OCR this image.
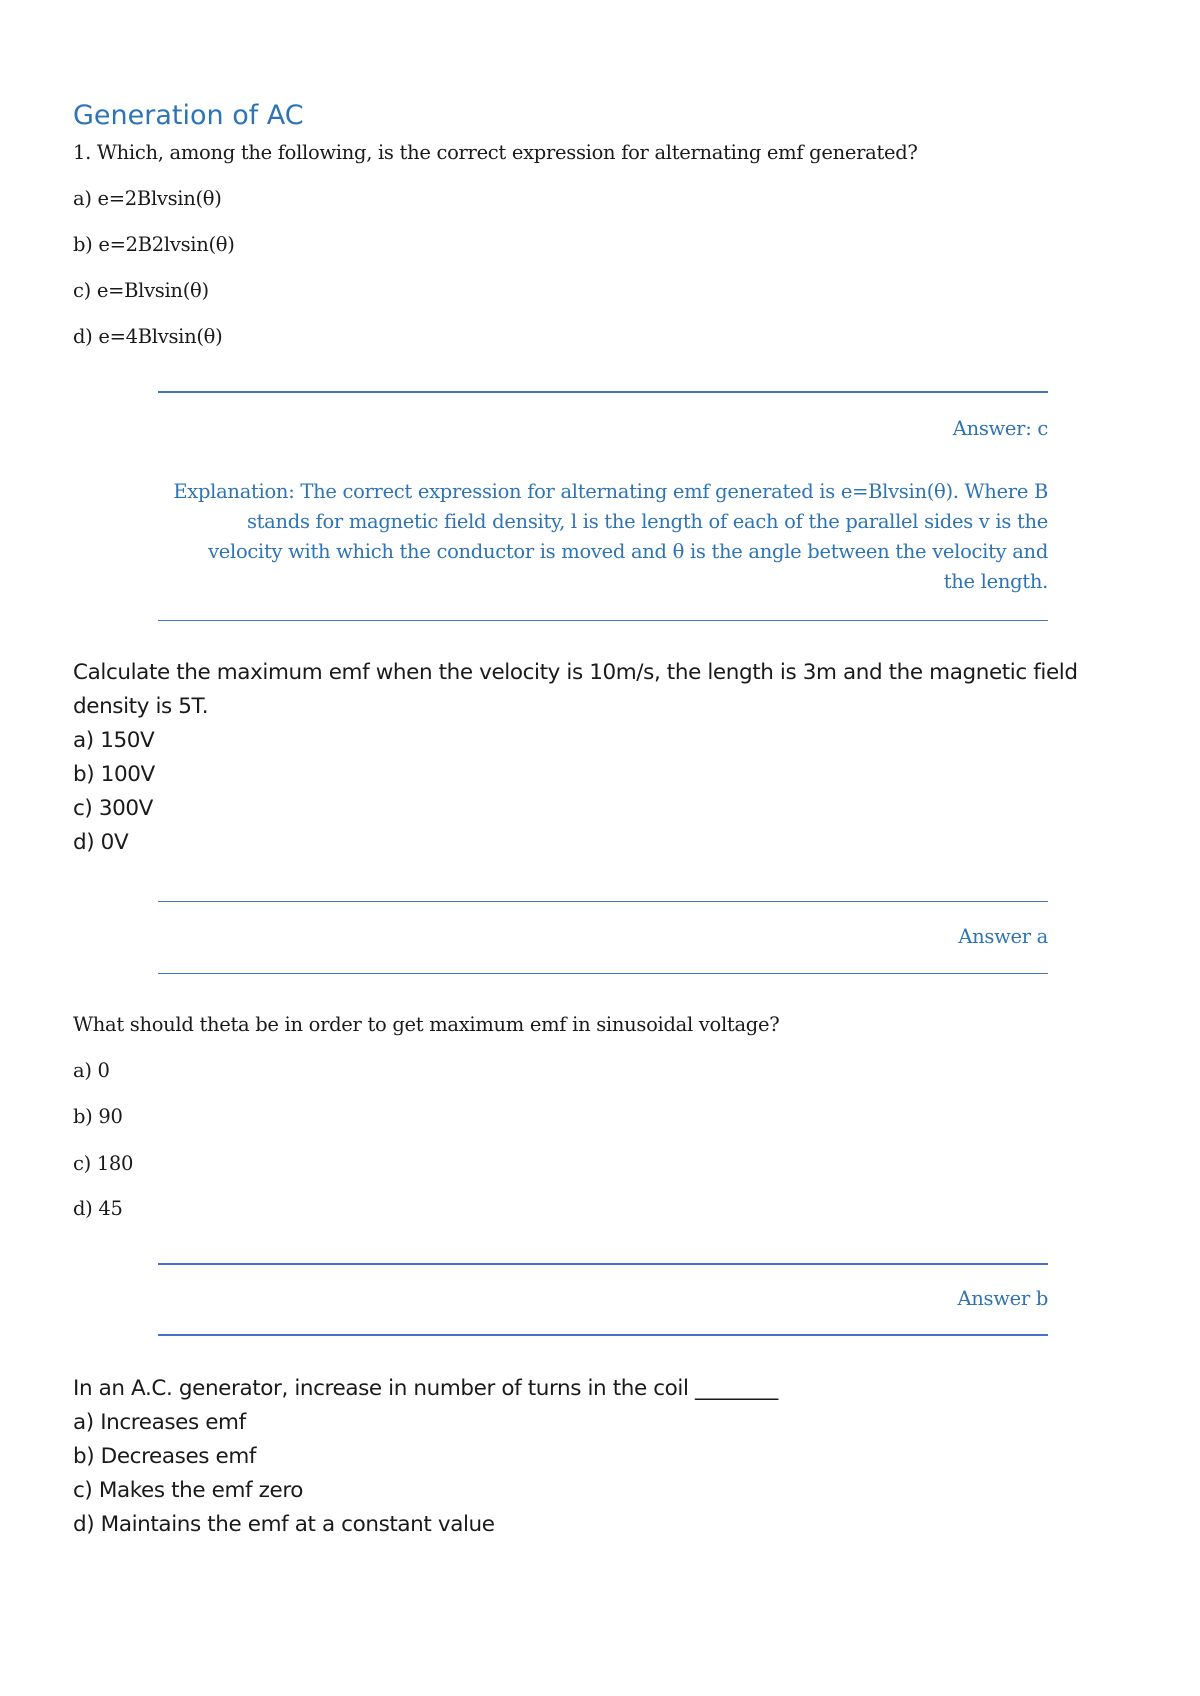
Generation of AC

1. Which, among the following, is the correct expression for alternating emf generated?

a) e=2Blvsin(θ)

b) e=2B2lvsin(θ)

c) e=Blvsin(θ)

d) e=4Blvsin(θ)

Answer: c
Explanation: The correct expression for alternating emf generated is e=Blvsin(θ). Where B
stands for magnetic field density, l is the length of each of the parallel sides v is the
velocity with which the conductor is moved and θ is the angle between the velocity and
the length.

Calculate the maximum emf when the velocity is 10m/s, the length is 3m and the magnetic field

density is 5T.

a) 150V

b) 100V

c) 300V

d) 0V

Answer a

What should theta be in order to get maximum emf in sinusoidal voltage?

a) 0

b) 90

c) 180

d) 45

Answer b

In an A.C. generator, increase in number of turns in the coil ________

a) Increases emf

b) Decreases emf

c) Makes the emf zero

d) Maintains the emf at a constant value
